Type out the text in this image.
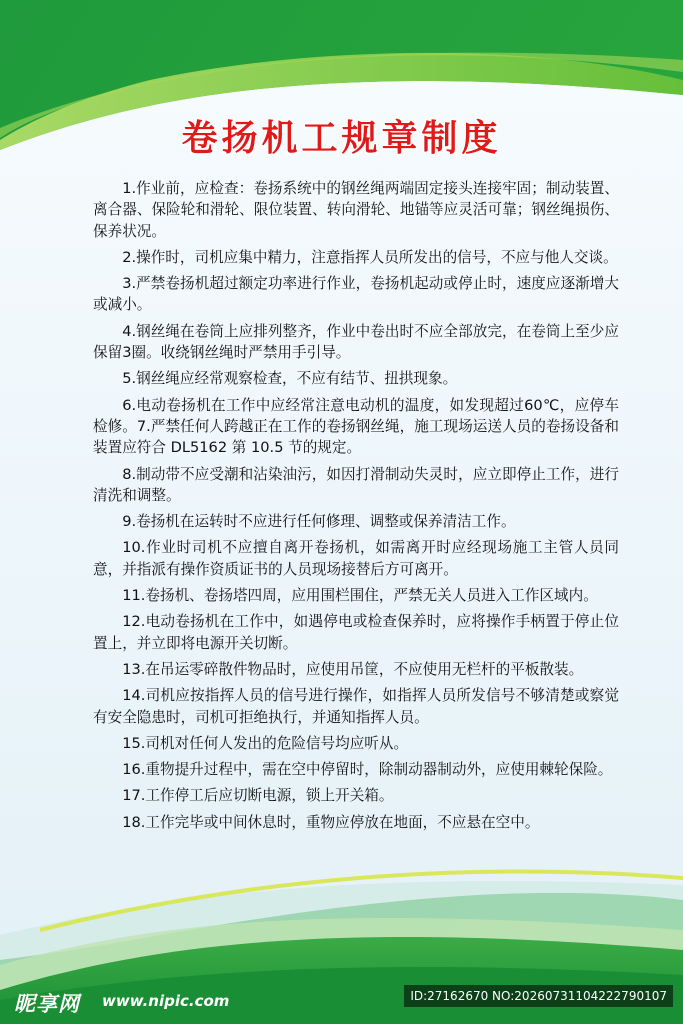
卷扬机工规章制度

1.作业前，应检查：卷扬系统中的钢丝绳两端固定接头连接牢固；制动装置、离合器、保险轮和滑轮、限位装置、转向滑轮、地锚等应灵活可靠；钢丝绳损伤、保养状况。

2.操作时，司机应集中精力，注意指挥人员所发出的信号，不应与他人交谈。

3.严禁卷扬机超过额定功率进行作业，卷扬机起动或停止时，速度应逐渐增大或减小。

4.钢丝绳在卷筒上应排列整齐，作业中卷出时不应全部放完，在卷筒上至少应保留3圈。收绕钢丝绳时严禁用手引导。

5.钢丝绳应经常观察检查，不应有结节、扭拱现象。

6.电动卷扬机在工作中应经常注意电动机的温度，如发现超过60℃，应停车检修。7.严禁任何人跨越正在工作的卷扬钢丝绳，施工现场运送人员的卷扬设备和装置应符合 DL5162 第 10.5 节的规定。

8.制动带不应受潮和沾染油污，如因打滑制动失灵时，应立即停止工作，进行清洗和调整。

9.卷扬机在运转时不应进行任何修理、调整或保养清洁工作。

10.作业时司机不应擅自离开卷扬机，如需离开时应经现场施工主管人员同意，并指派有操作资质证书的人员现场接替后方可离开。

11.卷扬机、卷扬塔四周，应用围栏围住，严禁无关人员进入工作区域内。

12.电动卷扬机在工作中，如遇停电或检查保养时，应将操作手柄置于停止位置上，并立即将电源开关切断。

13.在吊运零碎散件物品时，应使用吊筐，不应使用无栏杆的平板散装。

14.司机应按指挥人员的信号进行操作，如指挥人员所发信号不够清楚或察觉有安全隐患时，司机可拒绝执行，并通知指挥人员。

15.司机对任何人发出的危险信号均应听从。

16.重物提升过程中，需在空中停留时，除制动器制动外，应使用棘轮保险。

17.工作停工后应切断电源，锁上开关箱。

18.工作完毕或中间休息时，重物应停放在地面，不应悬在空中。

昵享网 www.nipic.com	ID:27162670 NO:20260731104222790107
